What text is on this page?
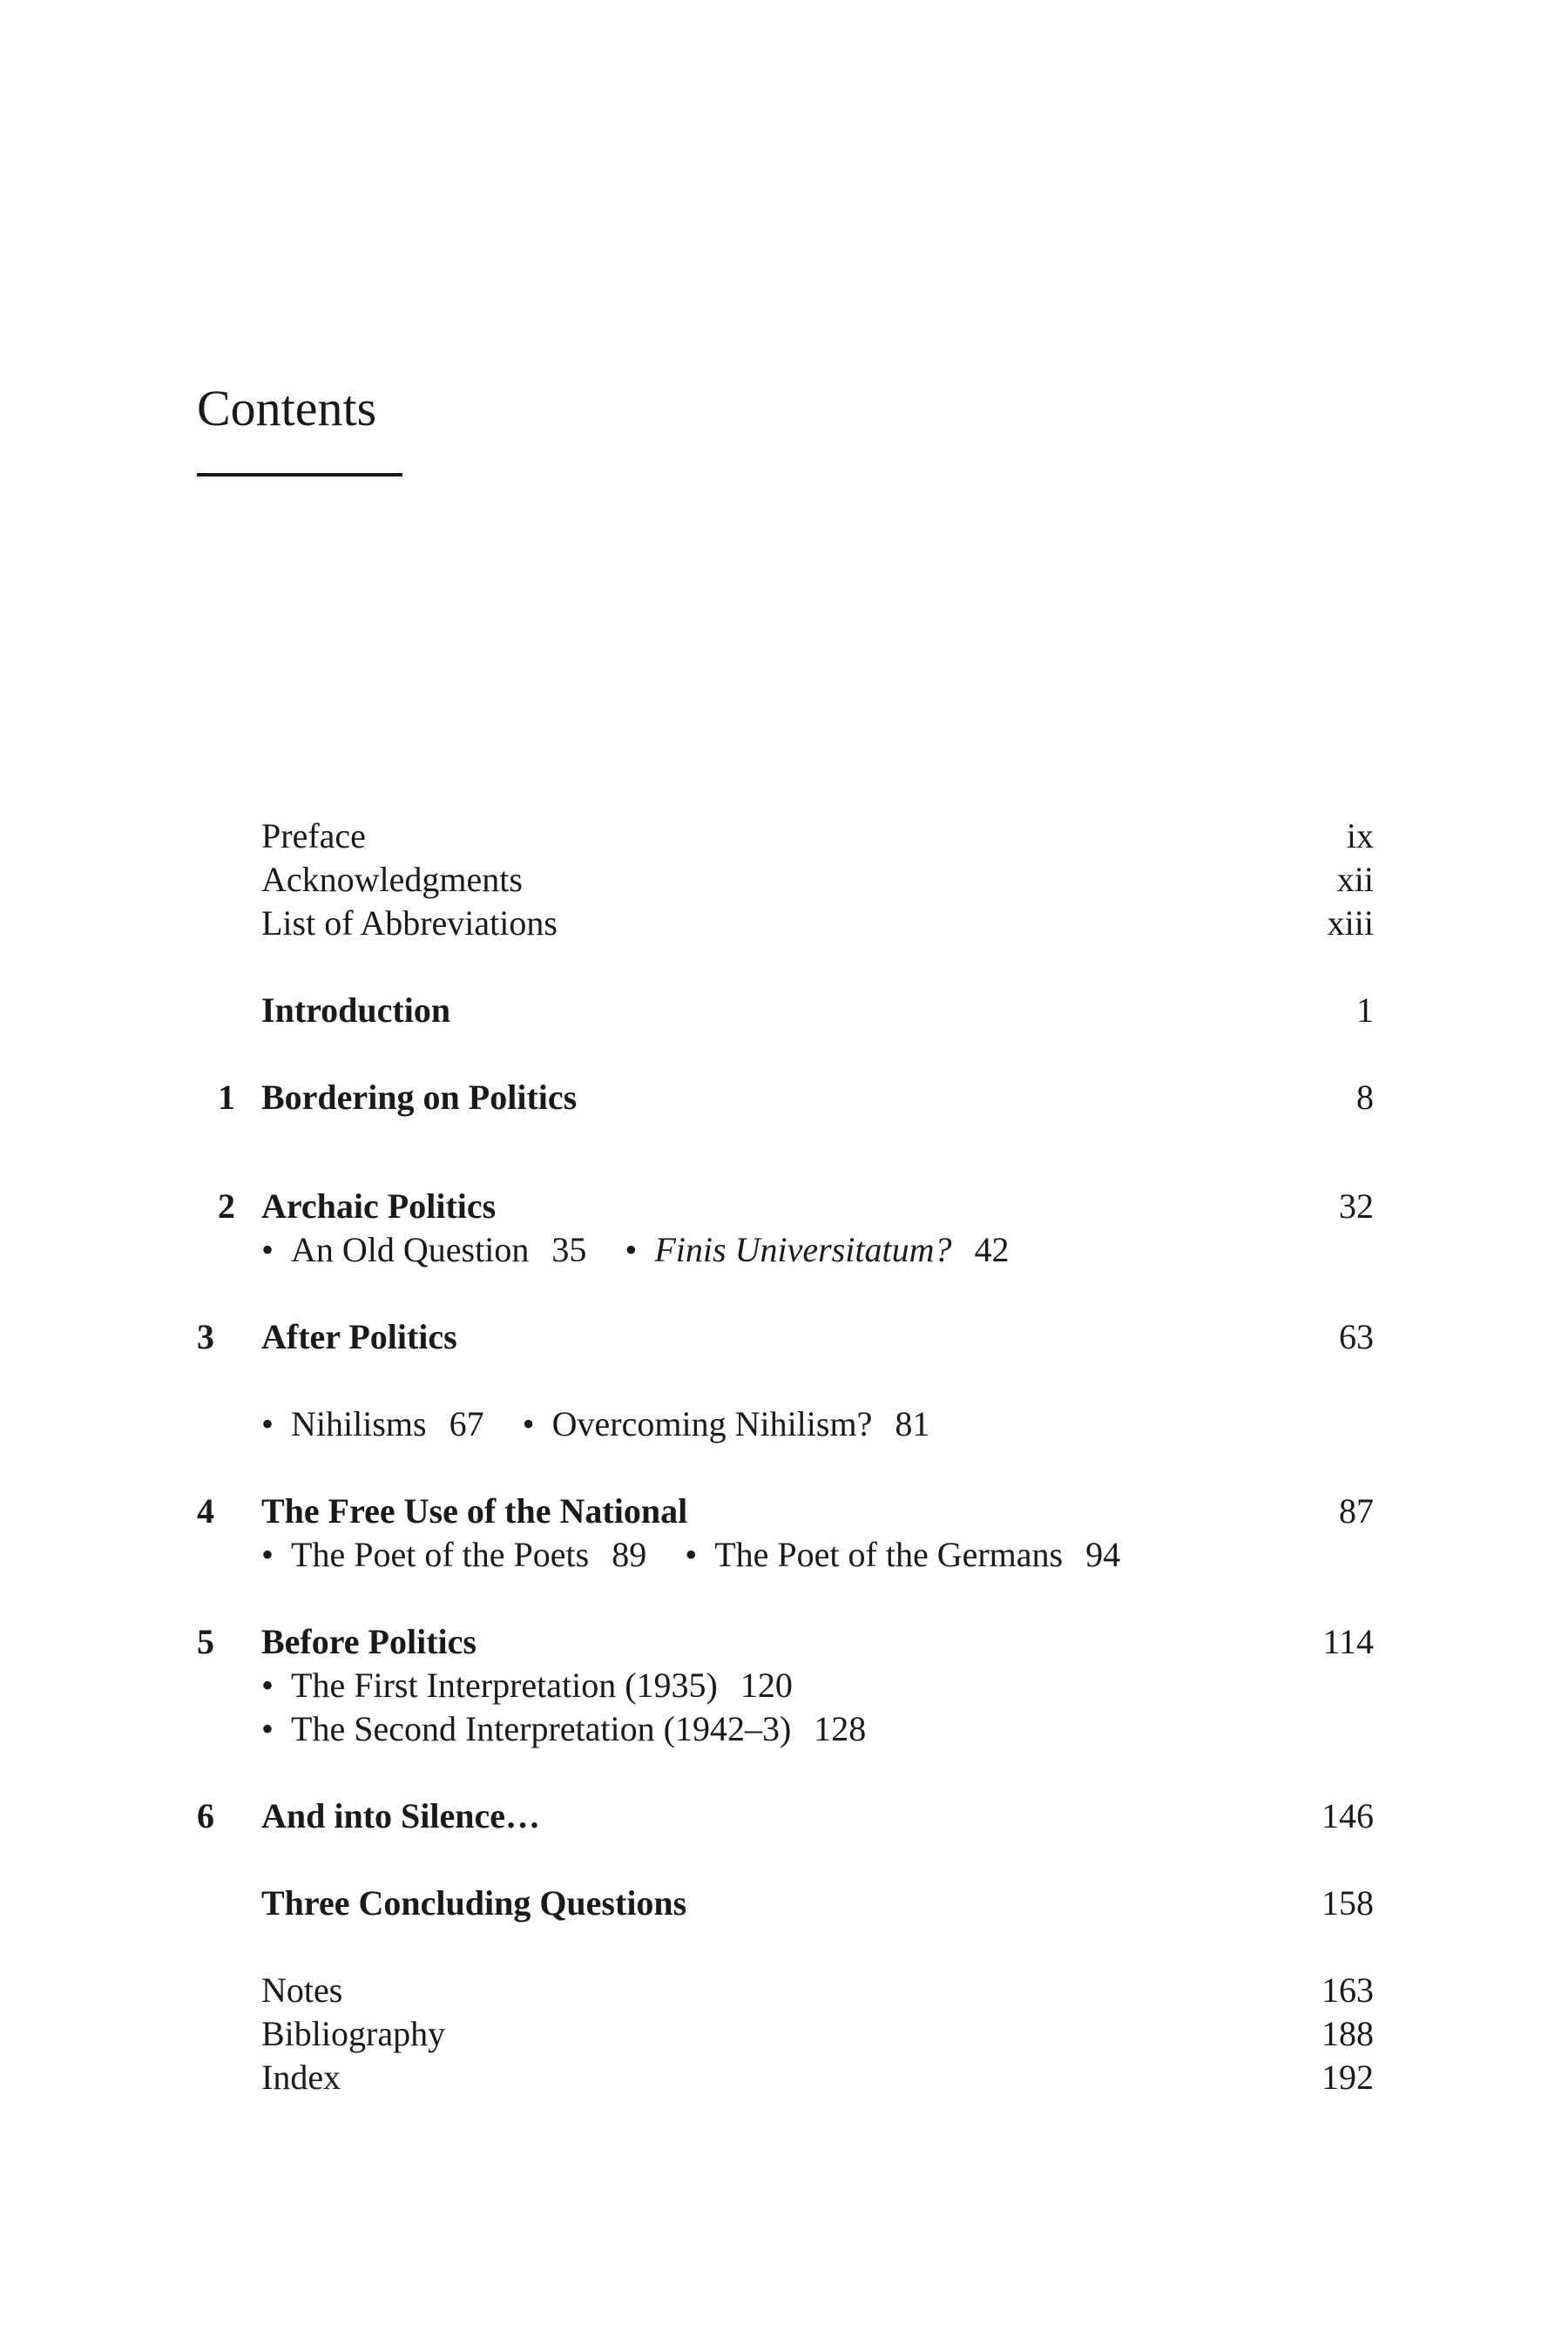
Contents
Preface	ix
Acknowledgments	xii
List of Abbreviations	xiii
Introduction	1
1 Bordering on Politics	8
2 Archaic Politics	32
• An Old Question 35 • Finis Universitatum? 42
3 After Politics	63
• Nihilisms 67 • Overcoming Nihilism? 81
4 The Free Use of the National	87
• The Poet of the Poets 89 • The Poet of the Germans 94
5 Before Politics	114
• The First Interpretation (1935) 120
• The Second Interpretation (1942–3) 128
6 And into Silence…	146
Three Concluding Questions	158
Notes	163
Bibliography	188
Index	192
